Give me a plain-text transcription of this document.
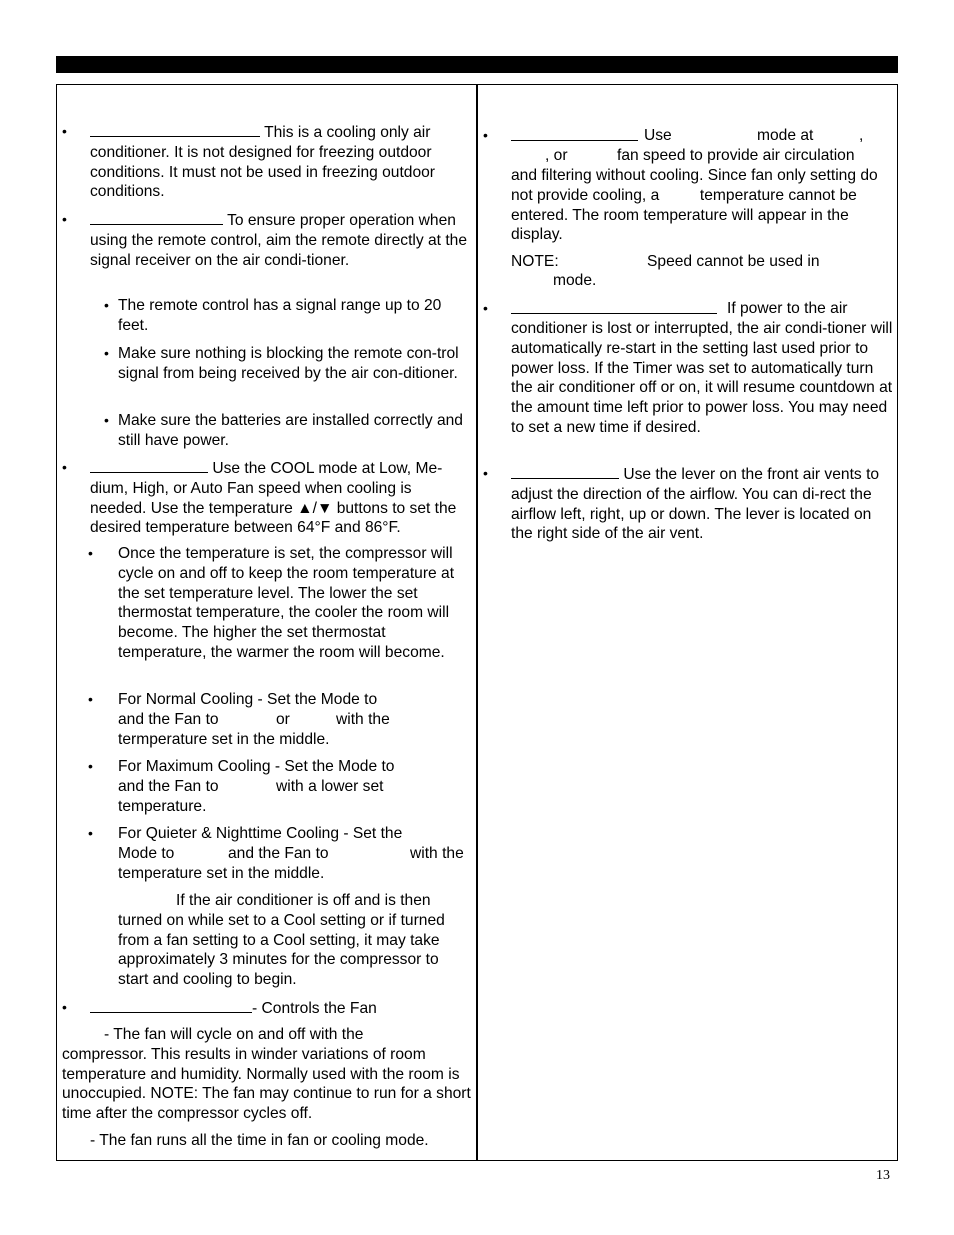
•	This is a cooling only air conditioner. It is not designed for freezing outdoor conditions. It must not be used in freezing outdoor conditions.

•	To ensure proper operation when using the remote control, aim the remote directly at the signal receiver on the air condi-tioner.

• The remote control has a signal range up to 20 feet.

• Make sure nothing is blocking the remote con-trol signal from being received by the air con-ditioner.

• Make sure the batteries are installed correctly and still have power.

•	Use the COOL mode at Low, Me-dium, High, or Auto Fan speed when cooling is needed. Use the temperature ▲/▼ buttons to set the desired temperature between 64°F and 86°F.

• Once the temperature is set, the compressor will cycle on and off to keep the room temperature at the set temperature level. The lower the set thermostat temperature, the cooler the room will become. The higher the set thermostat temperature, the warmer the room will become.

• For Normal Cooling - Set the Mode to
and the Fan to	or	with the
termperature set in the middle.
• For Maximum Cooling - Set the Mode to
and the Fan to	with a lower set
temperature.
• For Quieter & Nighttime Cooling - Set the
Mode to	and the Fan to	with the
temperature set in the middle.

If the air conditioner is off and is then turned on while set to a Cool setting or if turned from a fan setting to a Cool setting, it may take approximately 3 minutes for the compressor to start and cooling to begin.

•	- Controls the Fan

- The fan will cycle on and off with the

compressor. This results in winder variations of room temperature and humidity. Normally used with the room is unoccupied. NOTE: The fan may continue to run for a short time after the compressor cycles off.

- The fan runs all the time in fan or cooling mode.

•	Use	mode at	,
, or	fan speed to provide air circulation

and filtering without cooling. Since fan only setting do not provide cooling, a  temperature cannot be entered. The room temperature will appear in the display.

NOTE:	Speed cannot be used in
mode.
•	If power to the air

conditioner is lost or interrupted, the air condi-tioner will automatically re-start in the setting last used prior to power loss. If the Timer was set to automatically turn the air conditioner off or on, it will resume countdown at the amount time left prior to power loss. You may need to set a new time if desired.

•	Use the lever on the front air vents to adjust the direction of the airflow. You can di-rect the airflow left, right, up or down. The lever is located on the right side of the air vent.

13
